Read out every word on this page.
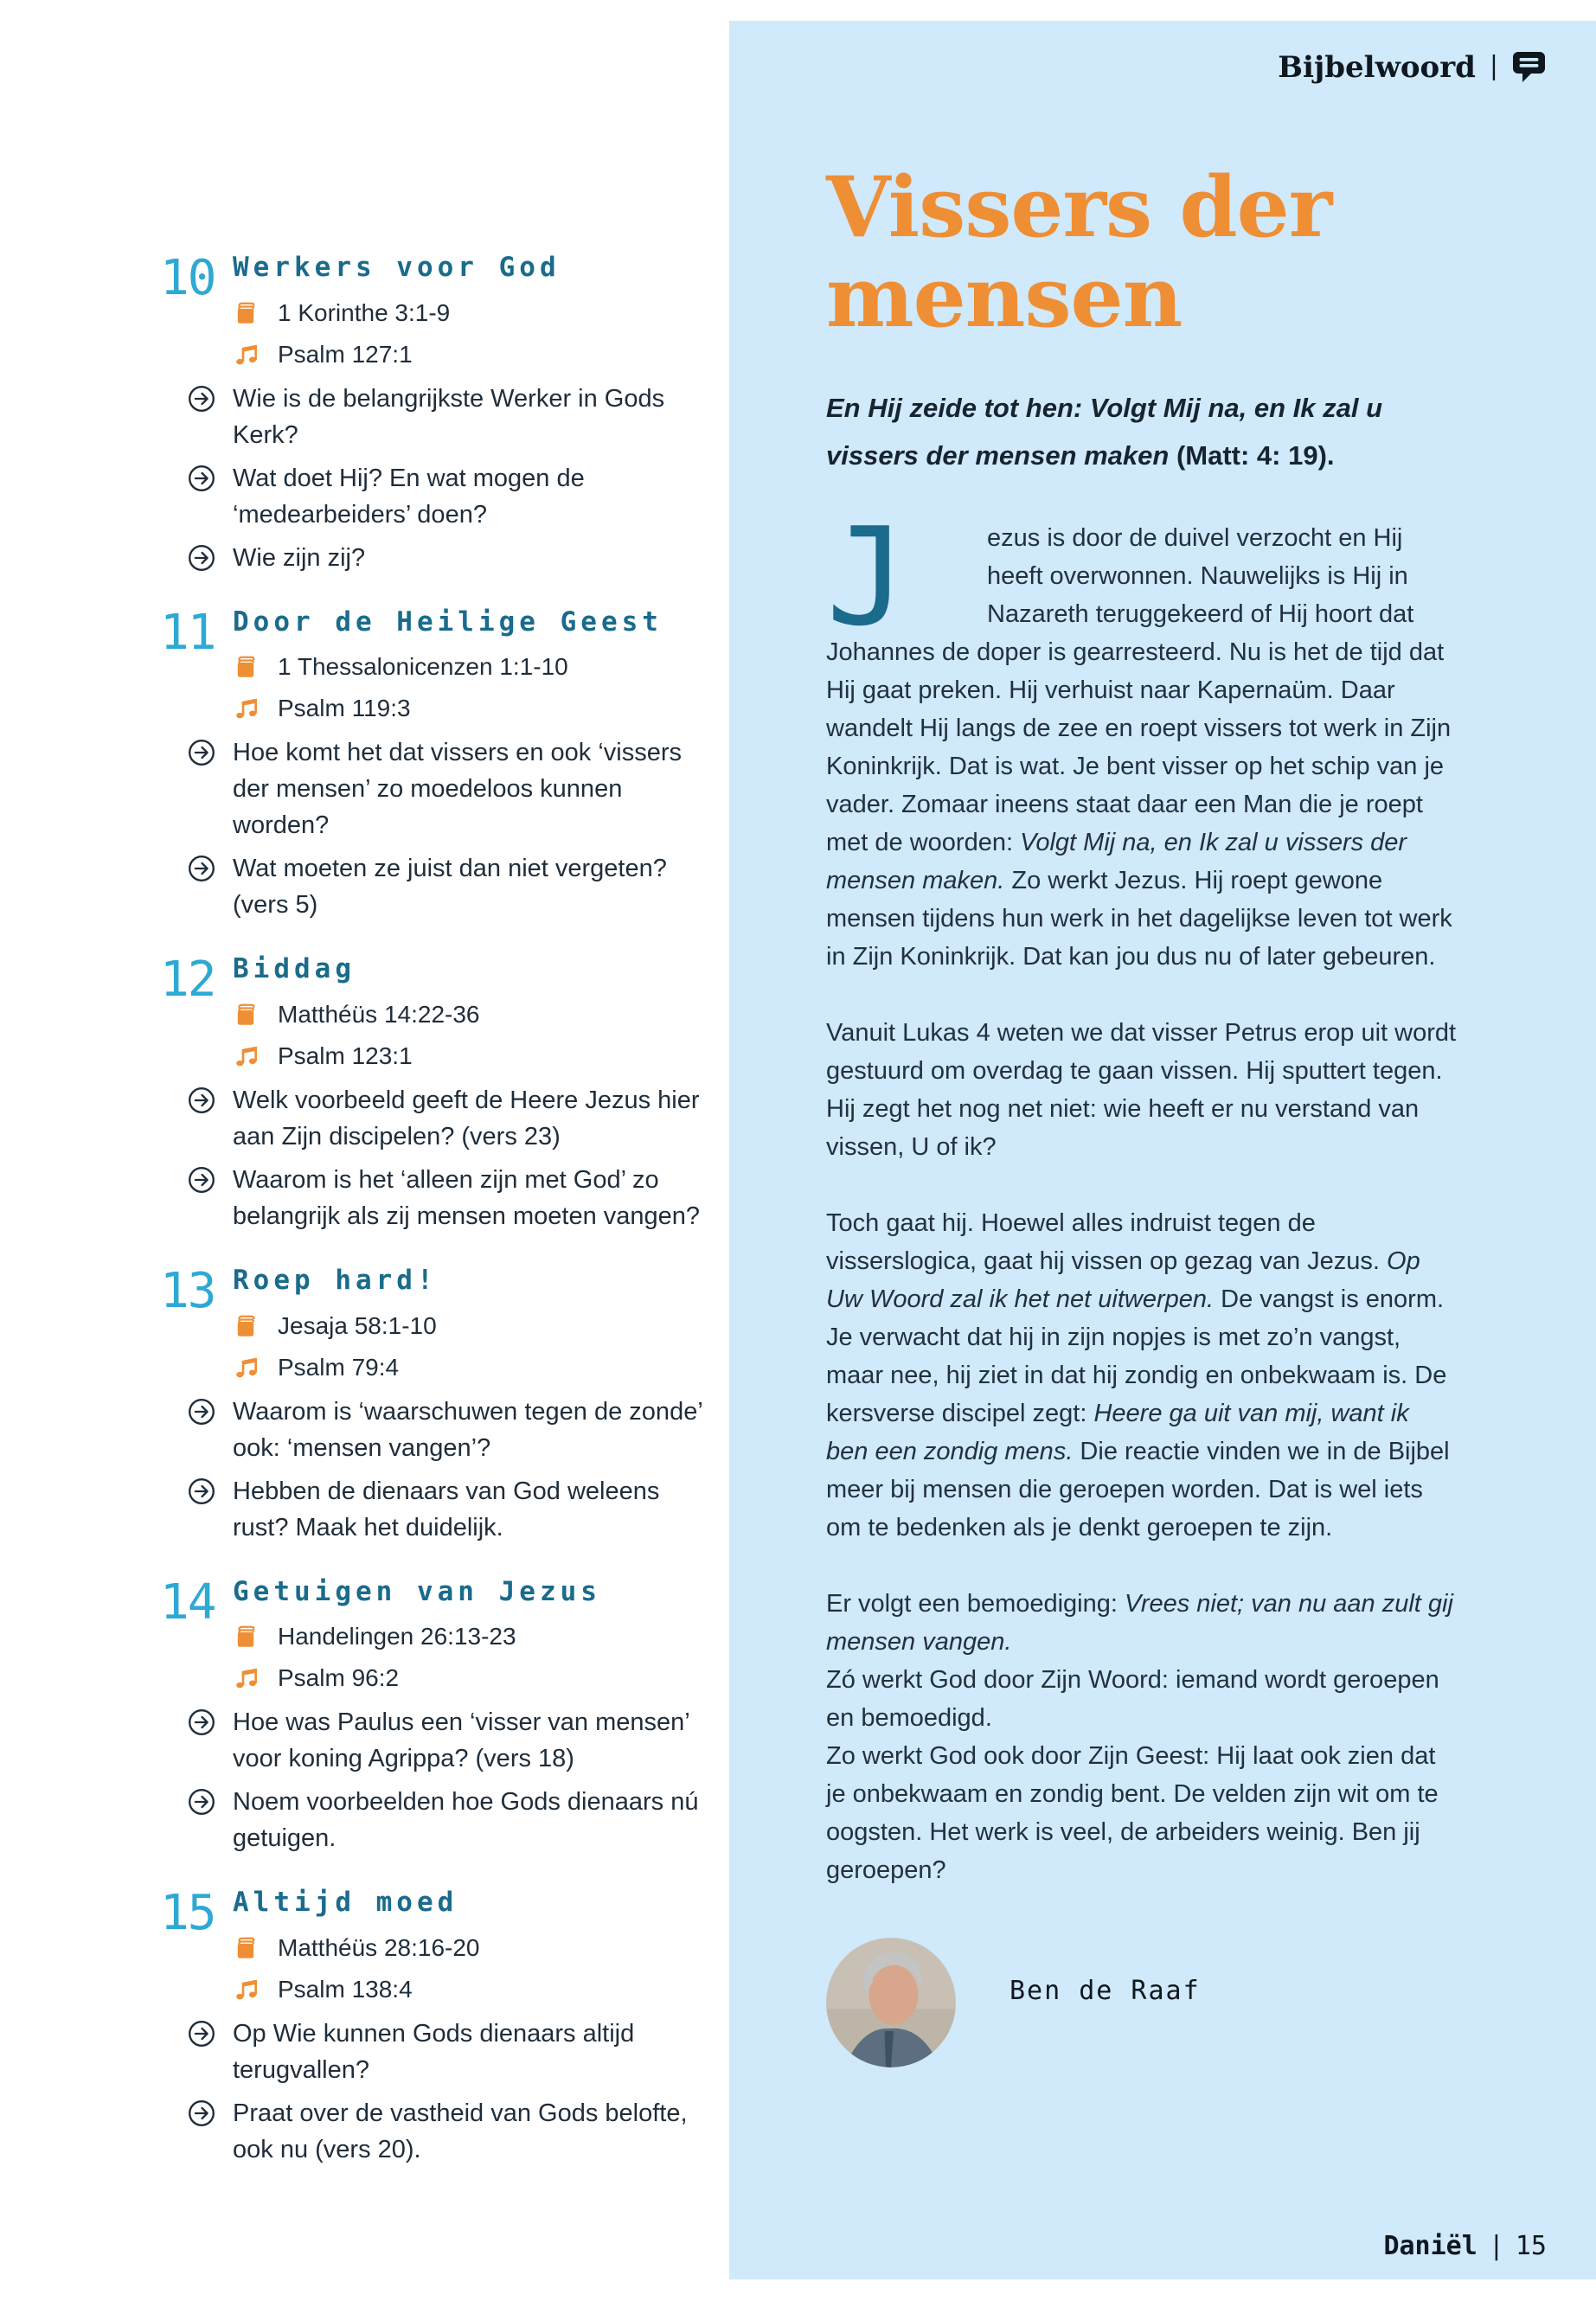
Bijbelwoord |
10 Werkers voor God
1 Korinthe 3:1-9
Psalm 127:1

Wie is de belangrijkste Werker in Gods Kerk?

Wat doet Hij? En wat mogen de ‘medearbeiders’ doen?

Wie zijn zij?

11 Door de Heilige Geest
1 Thessalonicenzen 1:1-10
Psalm 119:3

Hoe komt het dat vissers en ook ‘vissers der mensen’ zo moedeloos kunnen worden?

Wat moeten ze juist dan niet vergeten? (vers 5)

12 Biddag
Matthéüs 14:22-36
Psalm 123:1

Welk voorbeeld geeft de Heere Jezus hier aan Zijn discipelen? (vers 23)

Waarom is het ‘alleen zijn met God’ zo belangrijk als zij mensen moeten vangen?

13 Roep hard!
Jesaja 58:1-10
Psalm 79:4

Waarom is ‘waarschuwen tegen de zonde’ ook: ‘mensen vangen’?

Hebben de dienaars van God weleens rust? Maak het duidelijk.

14 Getuigen van Jezus
Handelingen 26:13-23
Psalm 96:2

Hoe was Paulus een ‘visser van mensen’ voor koning Agrippa? (vers 18)

Noem voorbeelden hoe Gods dienaars nú getuigen.

15 Altijd moed
Matthéüs 28:16-20
Psalm 138:4

Op Wie kunnen Gods dienaars altijd terugvallen?

Praat over de vastheid van Gods belofte, ook nu (vers 20).

Vissers der mensen
En Hij zeide tot hen: Volgt Mij na, en Ik zal u vissers der mensen maken (Matt: 4: 19).

J	ezus is door de duivel verzocht en Hij heeft overwonnen. Nauwelijks is Hij in Nazareth teruggekeerd of Hij hoort dat Johannes de doper is gearresteerd. Nu is het de tijd dat Hij gaat preken. Hij verhuist naar Kapernaüm. Daar wandelt Hij langs de zee en roept vissers tot werk in Zijn Koninkrijk. Dat is wat. Je bent visser op het schip van je vader. Zomaar ineens staat daar een Man die je roept met de woorden: Volgt Mij na, en Ik zal u vissers der mensen maken. Zo werkt Jezus. Hij roept gewone mensen tijdens hun werk in het dagelijkse leven tot werk in Zijn Koninkrijk. Dat kan jou dus nu of later gebeuren.

Vanuit Lukas 4 weten we dat visser Petrus erop uit wordt gestuurd om overdag te gaan vissen. Hij sputtert tegen. Hij zegt het nog net niet: wie heeft er nu verstand van vissen, U of ik?

Toch gaat hij. Hoewel alles indruist tegen de visserslogica, gaat hij vissen op gezag van Jezus. Op Uw Woord zal ik het net uitwerpen. De vangst is enorm. Je verwacht dat hij in zijn nopjes is met zo’n vangst, maar nee, hij ziet in dat hij zondig en onbekwaam is. De kersverse discipel zegt: Heere ga uit van mij, want ik ben een zondig mens. Die reactie vinden we in de Bijbel meer bij mensen die geroepen worden. Dat is wel iets om te bedenken als je denkt geroepen te zijn.

Er volgt een bemoediging: Vrees niet; van nu aan zult gij mensen vangen.

Zó werkt God door Zijn Woord: iemand wordt geroepen en bemoedigd.

Zo werkt God ook door Zijn Geest: Hij laat ook zien dat je onbekwaam en zondig bent. De velden zijn wit om te oogsten. Het werk is veel, de arbeiders weinig. Ben jij geroepen?

Ben de Raaf
Daniël | 15
